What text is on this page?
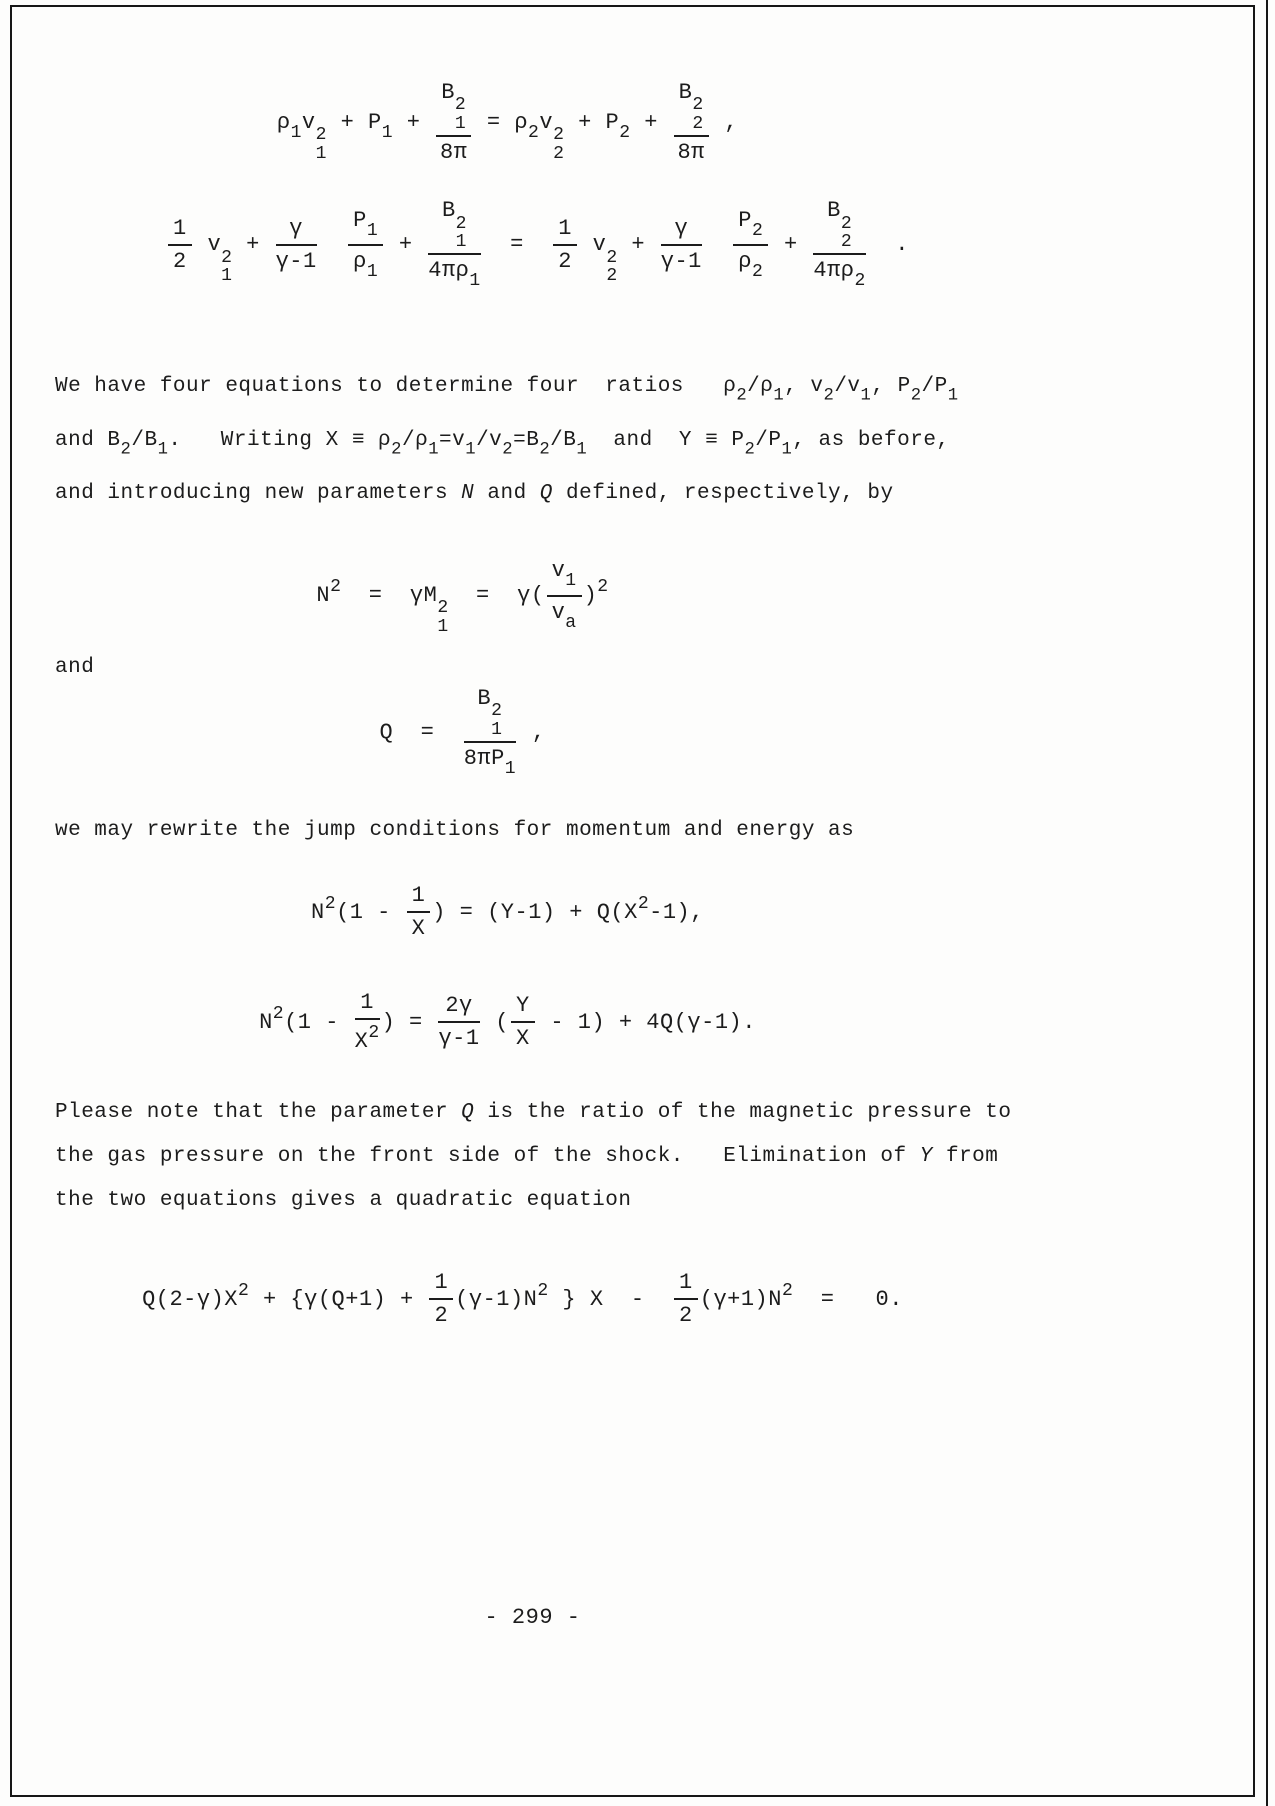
$\rho_1v$
2
1
+ $P_1 + B$
2
1
$8\pi = \rho_2v$
2
2
+ $P_2 + B$
2
2
8π ,
$\frac{1}{2}$ v
2
1
+ $\frac{\gamma}{\gamma-1}$
$\frac{P_1}{\rho_1} + B$
2
1
$4\pi\rho_1 = \frac{1}{2}$ v
2
2
+ $\frac{\gamma}{\gamma-1}$
$\frac{P_2}{\rho_2} + B$
2
2
$4\pi\rho_2$ .
We have four equations to determine four  ratios   $\rho_2/\rho_1$, $v_2/v_1$, $P_2/P_1$
and $B_2/B_1$.   Writing $X \equiv \rho_2/\rho_1=v_1/v_2=B_2/B_1$  and  $Y \equiv P_2/P_1$, as before,
and introducing new parameters N and Q defined, respectively, by
$N^2 = \gamma M$
2
1
=  $\gamma( \frac{v_1}{v_a} )^2$
and
Q  = B
2
1
$8\pi P_1$ ,
we may rewrite the jump conditions for momentum and energy as
$N^2(1 - \frac{1}{X}$ ) = $(Y-1) + Q(X^2-1)$,
$N^2(1 - \frac{1}{X^2}$ ) = $\frac{2\gamma}{\gamma-1}$ ( $\frac{Y}{X} - 1) + 4Q(\gamma-1)$.
Please note that the parameter Q is the ratio of the magnetic pressure to
the gas pressure on the front side of the shock.   Elimination of Y from
the two equations gives a quadratic equation
$Q(2-\gamma)X^2 + \{\gamma(Q+1) + \frac{1}{2} (\gamma-1)N^2$ } $X - \frac{1}{2} (\gamma+1)N^2 = 0$.
- 299 -
